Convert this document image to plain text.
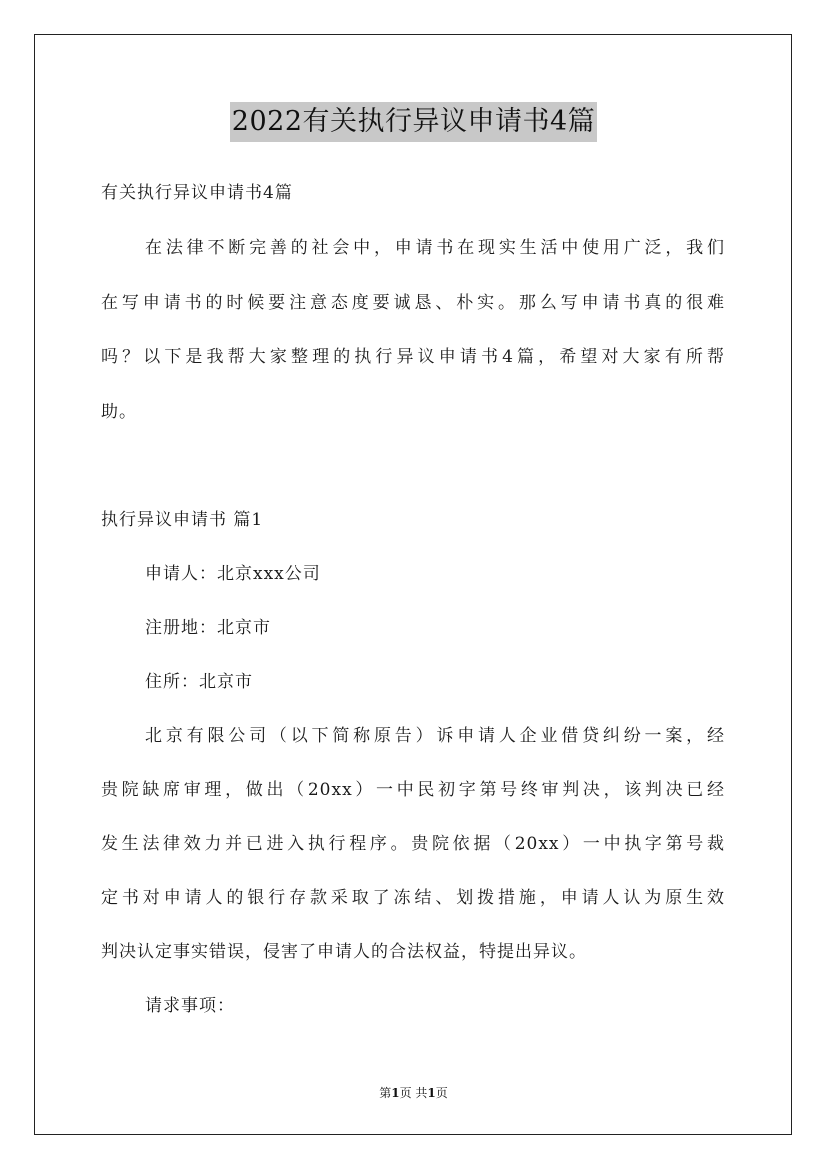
2022有关执行异议申请书4篇
有关执行异议申请书4篇
在法律不断完善的社会中，申请书在现实生活中使用广泛，我们
在写申请书的时候要注意态度要诚恳、朴实。那么写申请书真的很难
吗？以下是我帮大家整理的执行异议申请书4篇，希望对大家有所帮
助。
执行异议申请书 篇1
申请人：北京xxx公司
注册地：北京市
住所：北京市
北京有限公司（以下简称原告）诉申请人企业借贷纠纷一案，经
贵院缺席审理，做出（20xx）一中民初字第号终审判决，该判决已经
发生法律效力并已进入执行程序。贵院依据（20xx）一中执字第号裁
定书对申请人的银行存款采取了冻结、划拨措施，申请人认为原生效
判决认定事实错误，侵害了申请人的合法权益，特提出异议。
请求事项：
第1页 共1页
